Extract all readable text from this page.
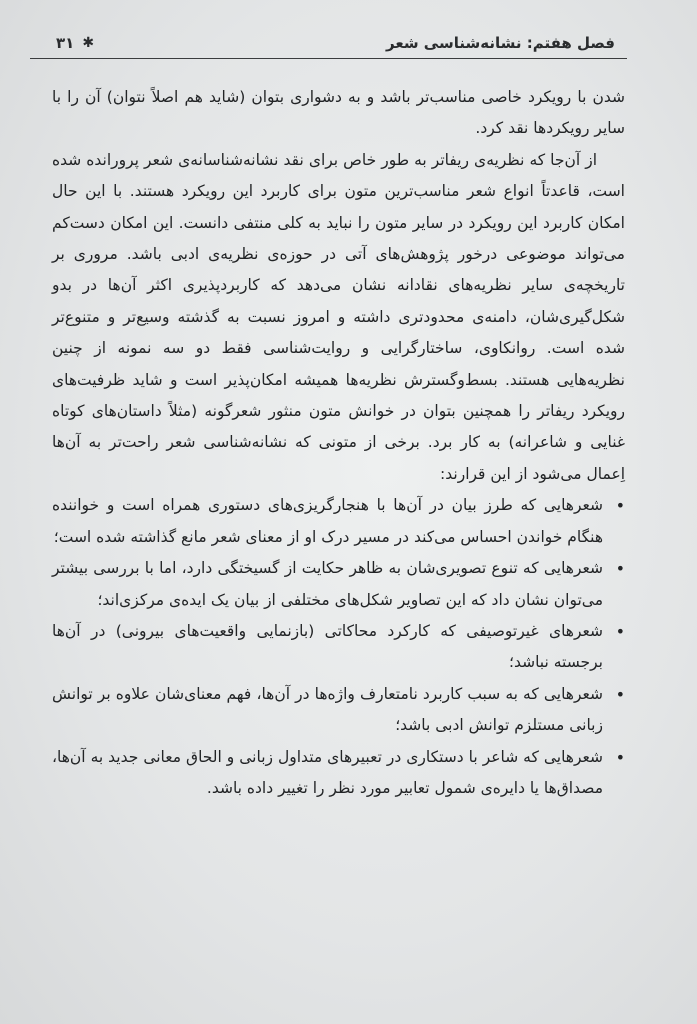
فصل هفتم: نشانه‌شناسی شعر
۳۱ ✱

شدن با رویکرد خاصی مناسب‌تر باشد و به دشواری بتوان (شاید هم اصلاً نتوان) آن را با سایر رویکردها نقد کرد.

از آن‌جا که نظریه‌ی ریفاتر به طور خاص برای نقد نشانه‌شناسانه‌ی شعر پرورانده شده است، قاعدتاً انواع شعر مناسب‌ترین متون برای کاربرد این رویکرد هستند. با این حال امکان کاربرد این رویکرد در سایر متون را نباید به کلی منتفی دانست. این امکان دست‌کم می‌تواند موضوعی درخور پژوهش‌های آتی در حوزه‌ی نظریه‌ی ادبی باشد. مروری بر تاریخچه‌ی سایر نظریه‌های نقادانه نشان می‌دهد که کاربردپذیری اکثر آن‌ها در بدو شکل‌گیری‌شان، دامنه‌ی محدودتری داشته و امروز نسبت به گذشته وسیع‌تر و متنوع‌تر شده است. روانکاوی، ساختارگرایی و روایت‌شناسی فقط دو سه نمونه از چنین نظریه‌هایی هستند. بسط‌وگسترش نظریه‌ها همیشه امکان‌پذیر است و شاید ظرفیت‌های رویکرد ریفاتر را همچنین بتوان در خوانش متون منثور شعرگونه (مثلاً داستان‌های کوتاه غنایی و شاعرانه) به کار برد. برخی از متونی که نشانه‌شناسی شعر راحت‌تر به آن‌ها اِعمال می‌شود از این قرارند:

•
شعرهایی که طرز بیان در آن‌ها با هنجارگریزی‌های دستوری همراه است و خواننده هنگام خواندن احساس می‌کند در مسیر درک او از معنای شعر مانع گذاشته شده است؛
•
شعرهایی که تنوع تصویری‌شان به ظاهر حکایت از گسیختگی دارد، اما با بررسی بیشتر می‌توان نشان داد که این تصاویر شکل‌های مختلفی از بیان یک ایده‌ی مرکزی‌اند؛
•
شعرهای غیرتوصیفی که کارکرد محاکاتی (بازنمایی واقعیت‌های بیرونی) در آن‌ها برجسته نباشد؛
•
شعرهایی که به سبب کاربرد نامتعارف واژه‌ها در آن‌ها، فهم معنای‌شان علاوه بر توانش زبانی مستلزم توانش ادبی باشد؛
•
شعرهایی که شاعر با دستکاری در تعبیرهای متداول زبانی و الحاق معانی جدید به آن‌ها، مصداق‌ها یا دایره‌ی شمول تعابیر مورد نظر را تغییر داده باشد.
